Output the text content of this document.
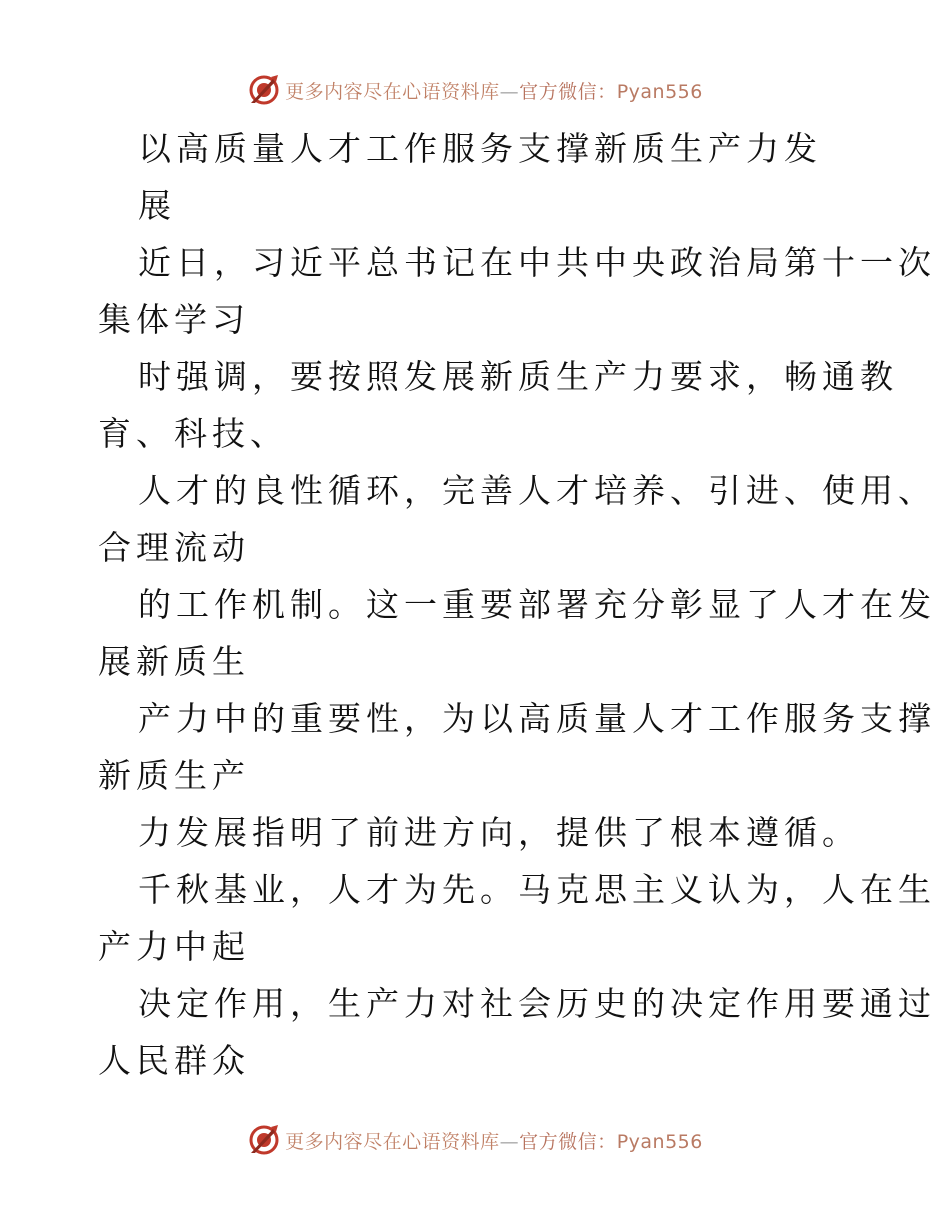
更多内容尽在心语资料库—官方微信：Pyan556
以高质量人才工作服务支撑新质生产力发
展
近日，习近平总书记在中共中央政治局第十一次
集体学习
时强调，要按照发展新质生产力要求，畅通教
育、科技、
人才的良性循环，完善人才培养、引进、使用、
合理流动
的工作机制。这一重要部署充分彰显了人才在发
展新质生
产力中的重要性，为以高质量人才工作服务支撑
新质生产
力发展指明了前进方向，提供了根本遵循。
千秋基业，人才为先。马克思主义认为，人在生
产力中起
决定作用，生产力对社会历史的决定作用要通过
人民群众
更多内容尽在心语资料库—官方微信：Pyan556
